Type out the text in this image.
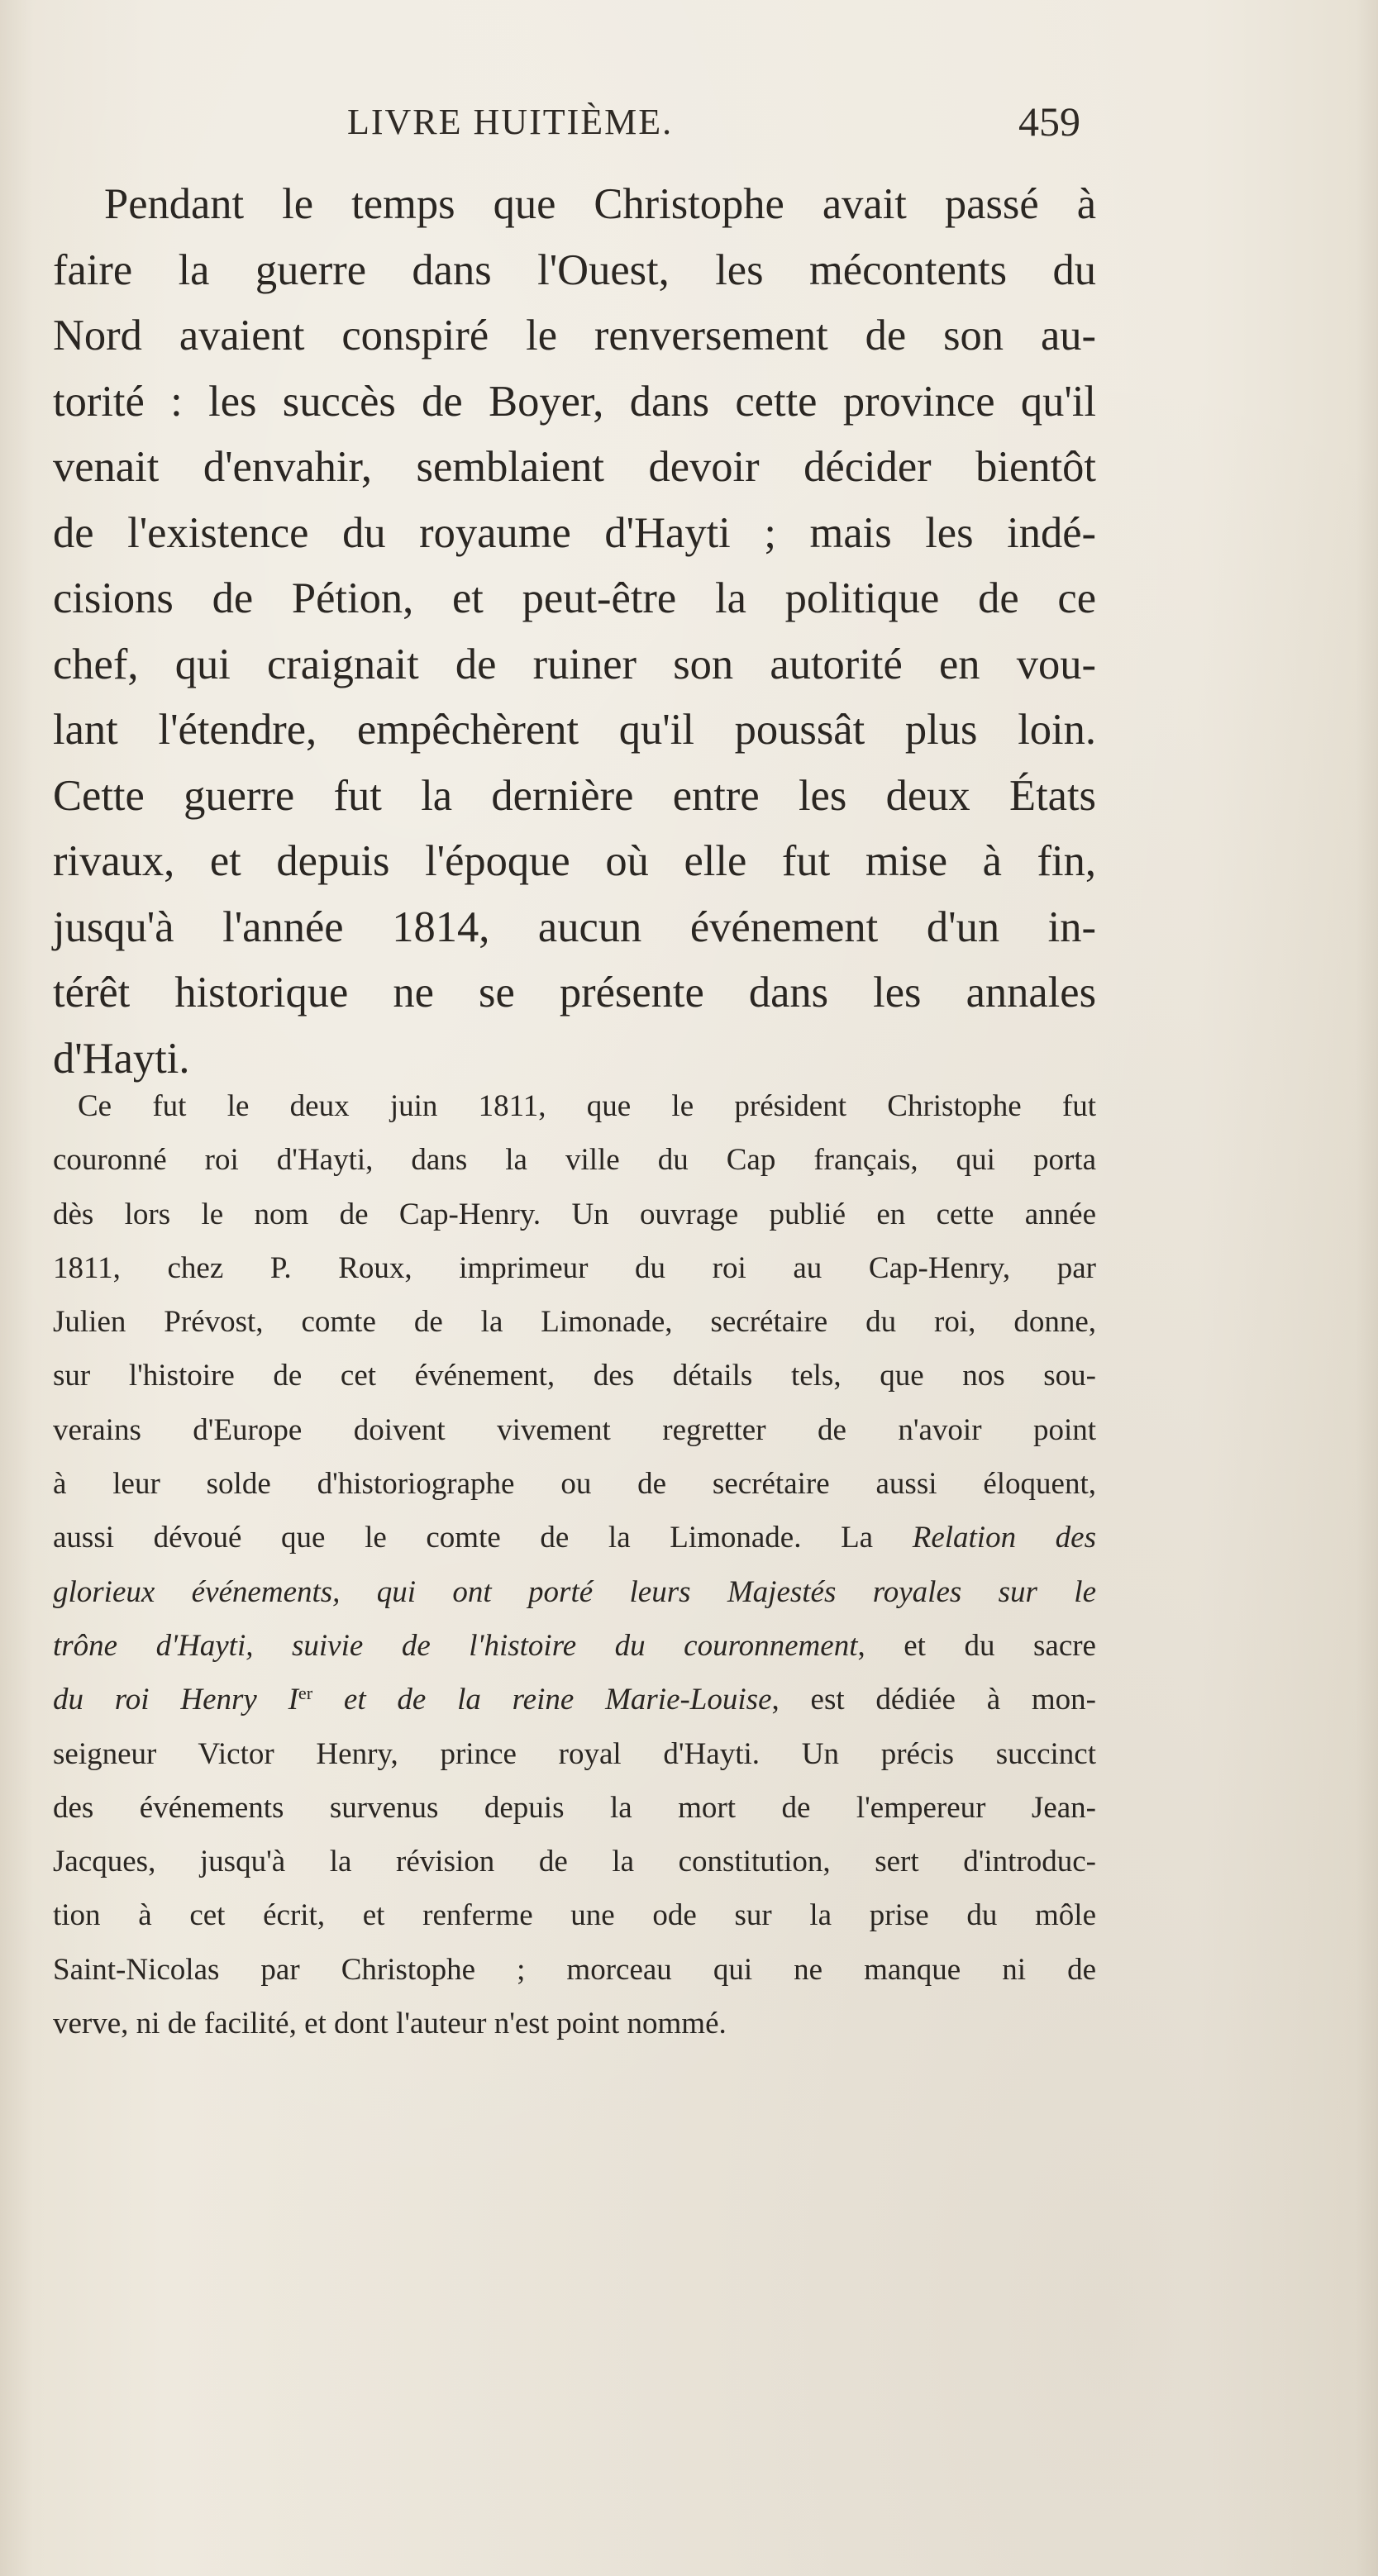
LIVRE HUITIÈME.	459
Pendant le temps que Christophe avait passé à
faire la guerre dans l'Ouest, les mécontents du
Nord avaient conspiré le renversement de son au-
torité : les succès de Boyer, dans cette province qu'il
venait d'envahir, semblaient devoir décider bientôt
de l'existence du royaume d'Hayti ; mais les indé-
cisions de Pétion, et peut-être la politique de ce
chef, qui craignait de ruiner son autorité en vou-
lant l'étendre, empêchèrent qu'il poussât plus loin.
Cette guerre fut la dernière entre les deux États
rivaux, et depuis l'époque où elle fut mise à fin,
jusqu'à l'année 1814, aucun événement d'un in-
térêt historique ne se présente dans les annales
d'Hayti.
Ce fut le deux juin 1811, que le président Christophe fut
couronné roi d'Hayti, dans la ville du Cap français, qui porta
dès lors le nom de Cap-Henry. Un ouvrage publié en cette année
1811, chez P. Roux, imprimeur du roi au Cap-Henry, par
Julien Prévost, comte de la Limonade, secrétaire du roi, donne,
sur l'histoire de cet événement, des détails tels, que nos sou-
verains d'Europe doivent vivement regretter de n'avoir point
à leur solde d'historiographe ou de secrétaire aussi éloquent,
aussi dévoué que le comte de la Limonade. La Relation des
glorieux événements, qui ont porté leurs Majestés royales sur le
trône d'Hayti, suivie de l'histoire du couronnement, et du sacre
du roi Henry Ier et de la reine Marie-Louise, est dédiée à mon-
seigneur Victor Henry, prince royal d'Hayti. Un précis succinct
des événements survenus depuis la mort de l'empereur Jean-
Jacques, jusqu'à la révision de la constitution, sert d'introduc-
tion à cet écrit, et renferme une ode sur la prise du môle
Saint-Nicolas par Christophe ; morceau qui ne manque ni de
verve, ni de facilité, et dont l'auteur n'est point nommé.
